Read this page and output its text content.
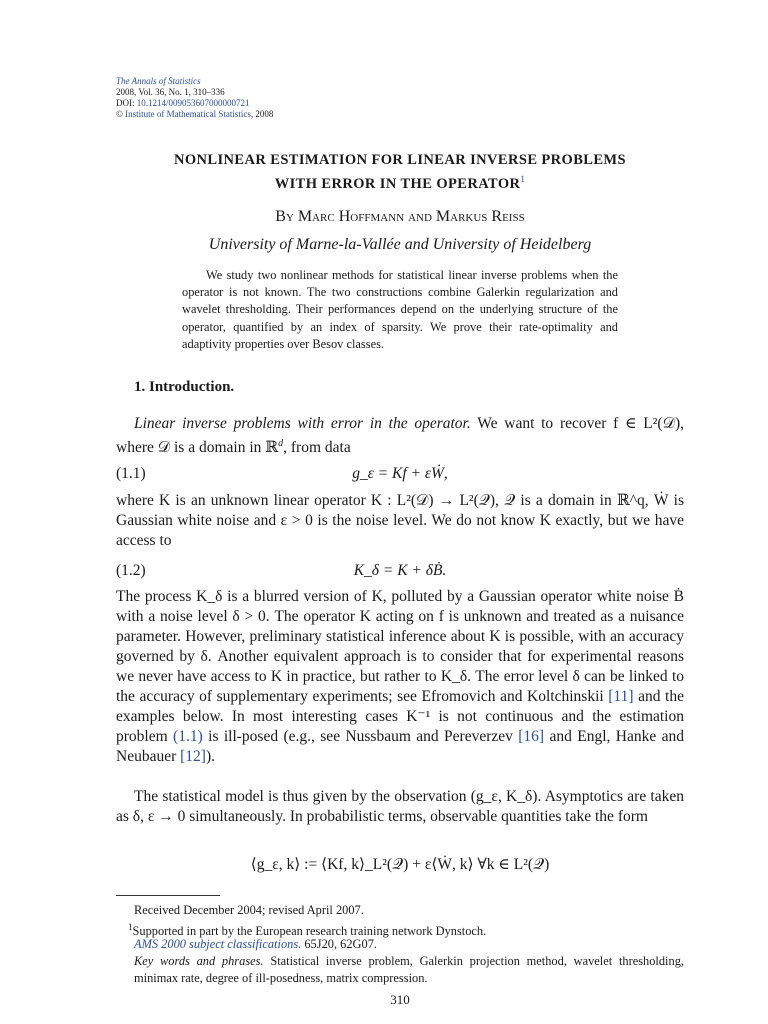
The Annals of Statistics
2008, Vol. 36, No. 1, 310–336
DOI: 10.1214/009053607000000721
© Institute of Mathematical Statistics, 2008
NONLINEAR ESTIMATION FOR LINEAR INVERSE PROBLEMS
WITH ERROR IN THE OPERATOR$^1$
By Marc Hoffmann and Markus Reiss
University of Marne-la-Vallée and University of Heidelberg
We study two nonlinear methods for statistical linear inverse problems when the operator is not known. The two constructions combine Galerkin regularization and wavelet thresholding. Their performances depend on the underlying structure of the operator, quantified by an index of sparsity. We prove their rate-optimality and adaptivity properties over Besov classes.
1. Introduction.
Linear inverse problems with error in the operator. We want to recover f ∈ L²(𝒟), where 𝒟 is a domain in ℝ$^d$, from data
(1.1)	g_ε = Kf + εẆ,
where K is an unknown linear operator K : L²(𝒟) → L²(𝒬), 𝒬 is a domain in ℝ^q, Ẇ is Gaussian white noise and ε > 0 is the noise level. We do not know K exactly, but we have access to
(1.2)	K_δ = K + δḂ.
The process K_δ is a blurred version of K, polluted by a Gaussian operator white noise Ḃ with a noise level δ > 0. The operator K acting on f is unknown and treated as a nuisance parameter. However, preliminary statistical inference about K is possible, with an accuracy governed by δ. Another equivalent approach is to consider that for experimental reasons we never have access to K in practice, but rather to K_δ. The error level δ can be linked to the accuracy of supplementary experiments; see Efromovich and Koltchinskii [11] and the examples below. In most interesting cases K⁻¹ is not continuous and the estimation problem (1.1) is ill-posed (e.g., see Nussbaum and Pereverzev [16] and Engl, Hanke and Neubauer [12]).
The statistical model is thus given by the observation (g_ε, K_δ). Asymptotics are taken as δ, ε → 0 simultaneously. In probabilistic terms, observable quantities take the form
⟨g_ε, k⟩ := ⟨Kf, k⟩_L²(𝒬) + ε⟨Ẇ, k⟩ ∀k ∈ L²(𝒬)
Received December 2004; revised April 2007.
$^1$Supported in part by the European research training network Dynstoch.
AMS 2000 subject classifications. 65J20, 62G07.
Key words and phrases. Statistical inverse problem, Galerkin projection method, wavelet thresholding, minimax rate, degree of ill-posedness, matrix compression.
310
